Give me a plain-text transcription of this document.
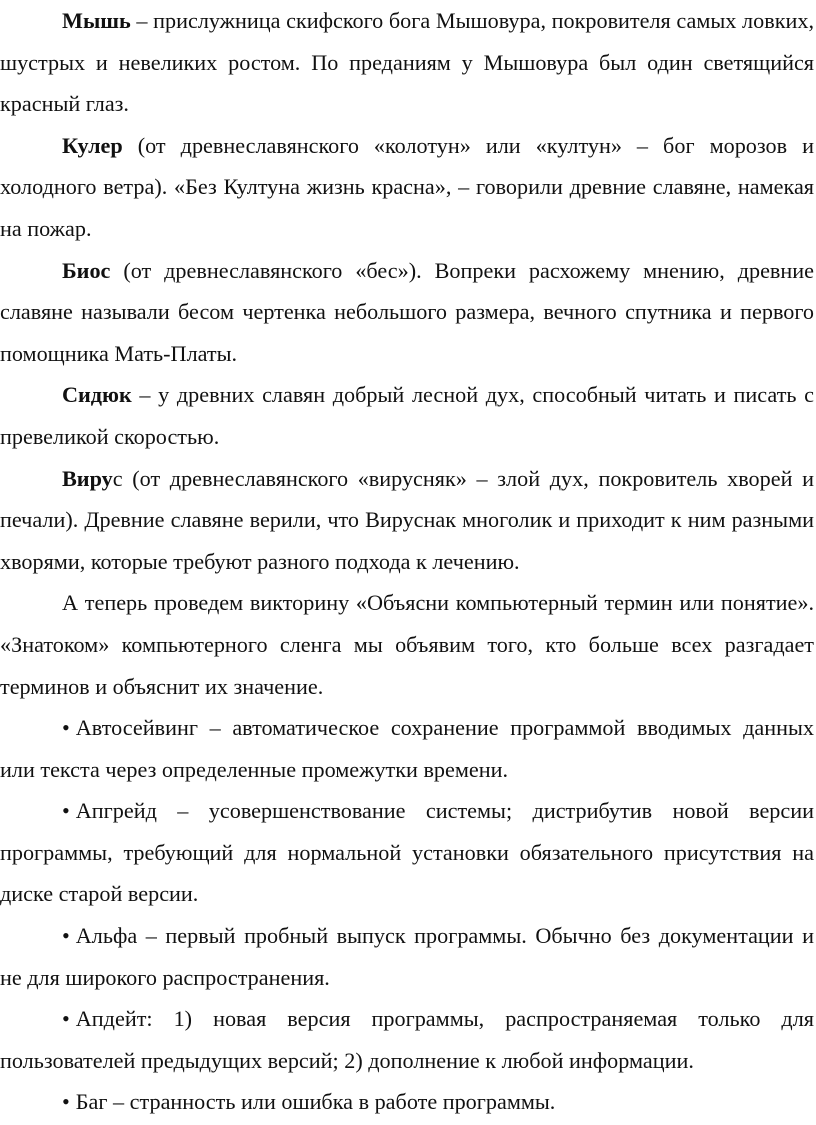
Мышь – прислужница скифского бога Мышовура, покровителя самых ловких, шустрых и невеликих ростом. По преданиям у Мышовура был один светящийся красный глаз.

Кулер (от древнеславянского «колотун» или «култун» – бог морозов и холодного ветра). «Без Култуна жизнь красна», – говорили древние славяне, намекая на пожар.

Биос (от древнеславянского «бес»). Вопреки расхожему мнению, древние славяне называли бесом чертенка небольшого размера, вечного спутника и первого помощника Мать-Платы.

Сидюк – у древних славян добрый лесной дух, способный читать и писать с превеликой скоростью.

Вирус (от древнеславянского «вирусняк» – злой дух, покровитель хворей и печали). Древние славяне верили, что Вируснак многолик и приходит к ним разными хворями, которые требуют разного подхода к лечению.

А теперь проведем викторину «Объясни компьютерный термин или понятие». «Знатоком» компьютерного сленга мы объявим того, кто больше всех разгадает терминов и объяснит их значение.

• Автосейвинг – автоматическое сохранение программой вводимых данных или текста через определенные промежутки времени.

• Апгрейд – усовершенствование системы; дистрибутив новой версии программы, требующий для нормальной установки обязательного присутствия на диске старой версии.

• Альфа – первый пробный выпуск программы. Обычно без документации и не для широкого распространения.

• Апдейт: 1) новая версия программы, распространяемая только для пользователей предыдущих версий; 2) дополнение к любой информации.

• Баг – странность или ошибка в работе программы.
